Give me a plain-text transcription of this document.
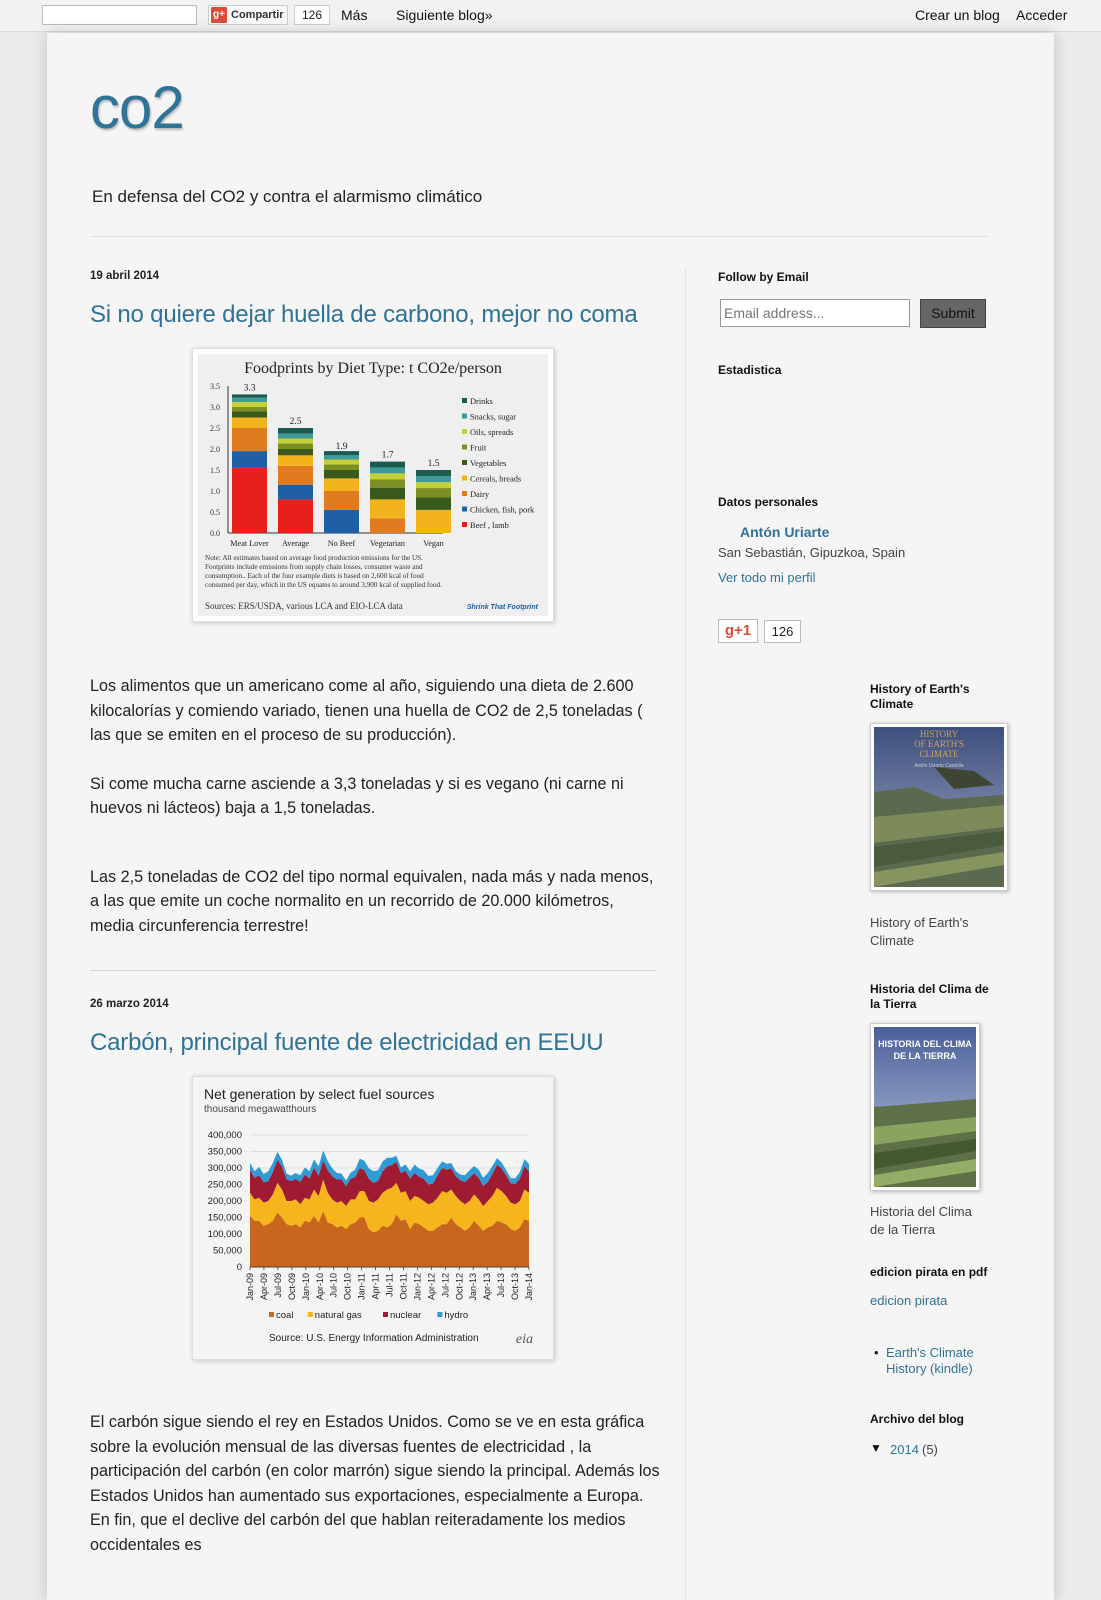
g+ Compartir	126	Más Siguiente blog»	Crear un blog Acceder
co2
En defensa del CO2 y contra el alarmismo climático
19 abril 2014
Si no quiere dejar huella de carbono, mejor no coma
Foodprints by Diet Type: t CO2e/person
0.0
0.5
1.0
1.5
2.0
2.5
3.0
3.5 3.3
Meat Lover
2.5
Average
1.9
No Beef
1.7
Vegetarian
1.5
Vegan
Drinks
Snacks, sugar
Oils, spreads
Fruit
Vegetables
Cereals, breads
Dairy
Chicken, fish, pork
Beef , lamb
Note: All estimates based on average food production emissions for the US. Footprints include emissions from supply chain losses, consumer waste and consumption.. Each of the four example diets is based on 2,600 kcal of food consumed per day, which in the US equates to around 3,900 kcal of supplied food.
Sources: ERS/USDA, various LCA and EIO-LCA data	Shrink That Footprint

Los alimentos que un americano come al año, siguiendo una dieta de 2.600 kilocalorías y comiendo variado, tienen una huella de CO2 de 2,5 toneladas ( las que se emiten en el proceso de su producción).

Si come mucha carne asciende a 3,3 toneladas y si es vegano (ni carne ni huevos ni lácteos) baja a 1,5 toneladas.

Las 2,5 toneladas de CO2 del tipo normal equivalen, nada más y nada menos, a las que emite un coche normalito en un recorrido de 20.000 kilómetros, media circunferencia terrestre!

26 marzo 2014
Carbón, principal fuente de electricidad en EEUU
Net generation by select fuel sources
thousand megawatthours
0
50,000
100,000
150,000
200,000
250,000
300,000
350,000
400,000
Jan-09 Apr-09 Jul-09 Oct-09 Jan-10 Apr-10 Jul-10 Oct-10 Jan-11 Apr-11 Jul-11 Oct-11 Jan-12 Apr-12 Jul-12 Oct-12 Jan-13 Apr-13 Jul-13 Oct-13 Jan-14
coal natural gas	nuclear hydro
Source: U.S. Energy Information Administration	eia

El carbón sigue siendo el rey en Estados Unidos. Como se ve en esta gráfica sobre la evolución mensual de las diversas fuentes de electricidad , la participación del carbón (en color marrón) sigue siendo la principal. Además los Estados Unidos han aumentado sus exportaciones, especialmente a Europa. En fin, que el declive del carbón del que hablan reiteradamente los medios occidentales es

Follow by Email
Email address...
Submit
Estadistica
Datos personales
Antón Uriarte
San Sebastián, Gipuzkoa, Spain
Ver todo mi perfil
g+1	126
History of Earth's Climate
HISTORY OF EARTH'S CLIMATE
Antón Uriarte Cantolla
History of Earth's Climate
Historia del Clima de la Tierra
HISTORIA DEL CLIMA DE LA TIERRA
Historia del Clima de la Tierra
edicion pirata en pdf
edicion pirata
• Earth's Climate History (kindle)
Archivo del blog
▼ 2014 (5)
